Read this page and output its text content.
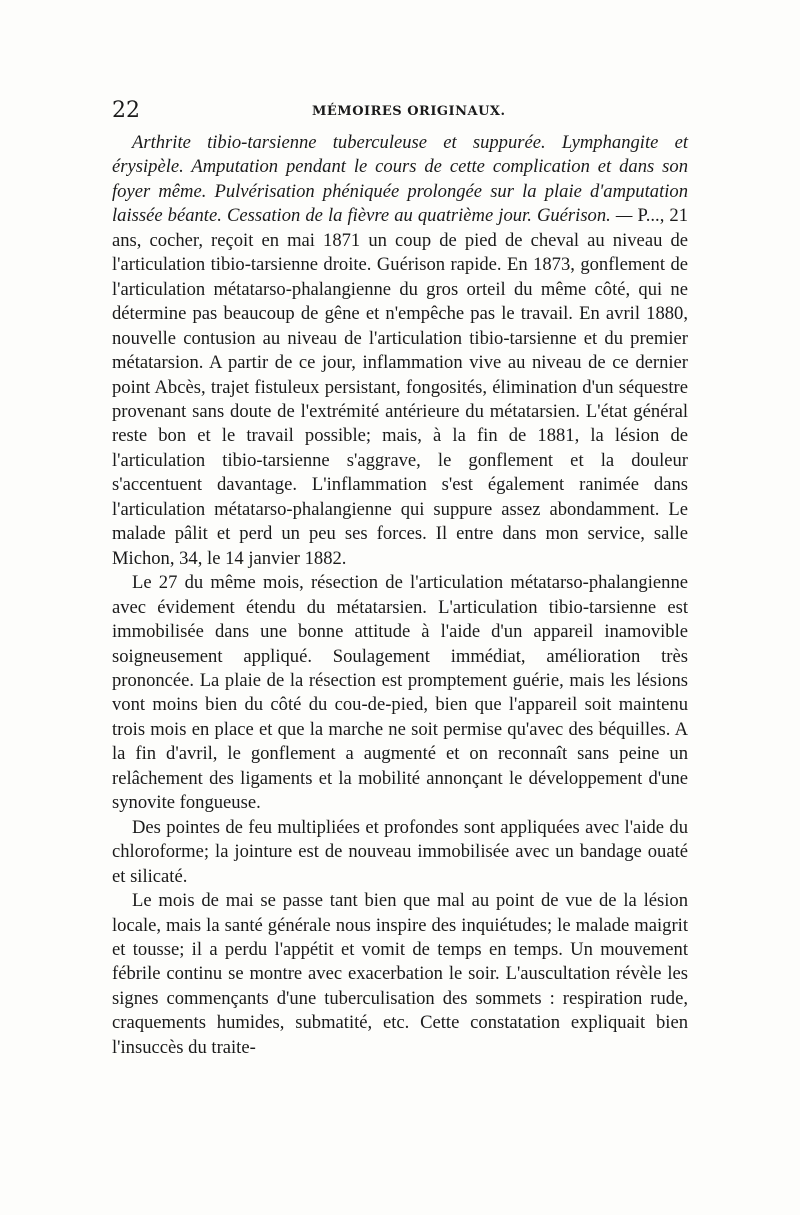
22	MÉMOIRES ORIGINAUX.

Arthrite tibio-tarsienne tuberculeuse et suppurée. Lymphangite et érysipèle. Amputation pendant le cours de cette complication et dans son foyer même. Pulvérisation phéniquée prolongée sur la plaie d'amputation laissée béante. Cessation de la fièvre au quatrième jour. Guérison. — P..., 21 ans, cocher, reçoit en mai 1871 un coup de pied de cheval au niveau de l'articulation tibio-tarsienne droite. Guérison rapide. En 1873, gonflement de l'articulation métatarso-phalangienne du gros orteil du même côté, qui ne détermine pas beaucoup de gêne et n'empêche pas le travail. En avril 1880, nouvelle contusion au niveau de l'articulation tibio-tarsienne et du premier métatarsion. A partir de ce jour, inflammation vive au niveau de ce dernier point Abcès, trajet fistuleux persistant, fongosités, élimination d'un séquestre provenant sans doute de l'extrémité antérieure du métatarsien. L'état général reste bon et le travail possible; mais, à la fin de 1881, la lésion de l'articulation tibio-tarsienne s'aggrave, le gonflement et la douleur s'accentuent davantage. L'inflammation s'est également ranimée dans l'articulation métatarso-phalangienne qui suppure assez abondamment. Le malade pâlit et perd un peu ses forces. Il entre dans mon service, salle Michon, 34, le 14 janvier 1882.

Le 27 du même mois, résection de l'articulation métatarso-phalangienne avec évidement étendu du métatarsien. L'articulation tibio-tarsienne est immobilisée dans une bonne attitude à l'aide d'un appareil inamovible soigneusement appliqué. Soulagement immédiat, amélioration très prononcée. La plaie de la résection est promptement guérie, mais les lésions vont moins bien du côté du cou-de-pied, bien que l'appareil soit maintenu trois mois en place et que la marche ne soit permise qu'avec des béquilles. A la fin d'avril, le gonflement a augmenté et on reconnaît sans peine un relâchement des ligaments et la mobilité annonçant le développement d'une synovite fongueuse.

Des pointes de feu multipliées et profondes sont appliquées avec l'aide du chloroforme; la jointure est de nouveau immobilisée avec un bandage ouaté et silicaté.

Le mois de mai se passe tant bien que mal au point de vue de la lésion locale, mais la santé générale nous inspire des inquiétudes; le malade maigrit et tousse; il a perdu l'appétit et vomit de temps en temps. Un mouvement fébrile continu se montre avec exacerbation le soir. L'auscultation révèle les signes commençants d'une tuberculisation des sommets : respiration rude, craquements humides, submatité, etc. Cette constatation expliquait bien l'insuccès du traite-
